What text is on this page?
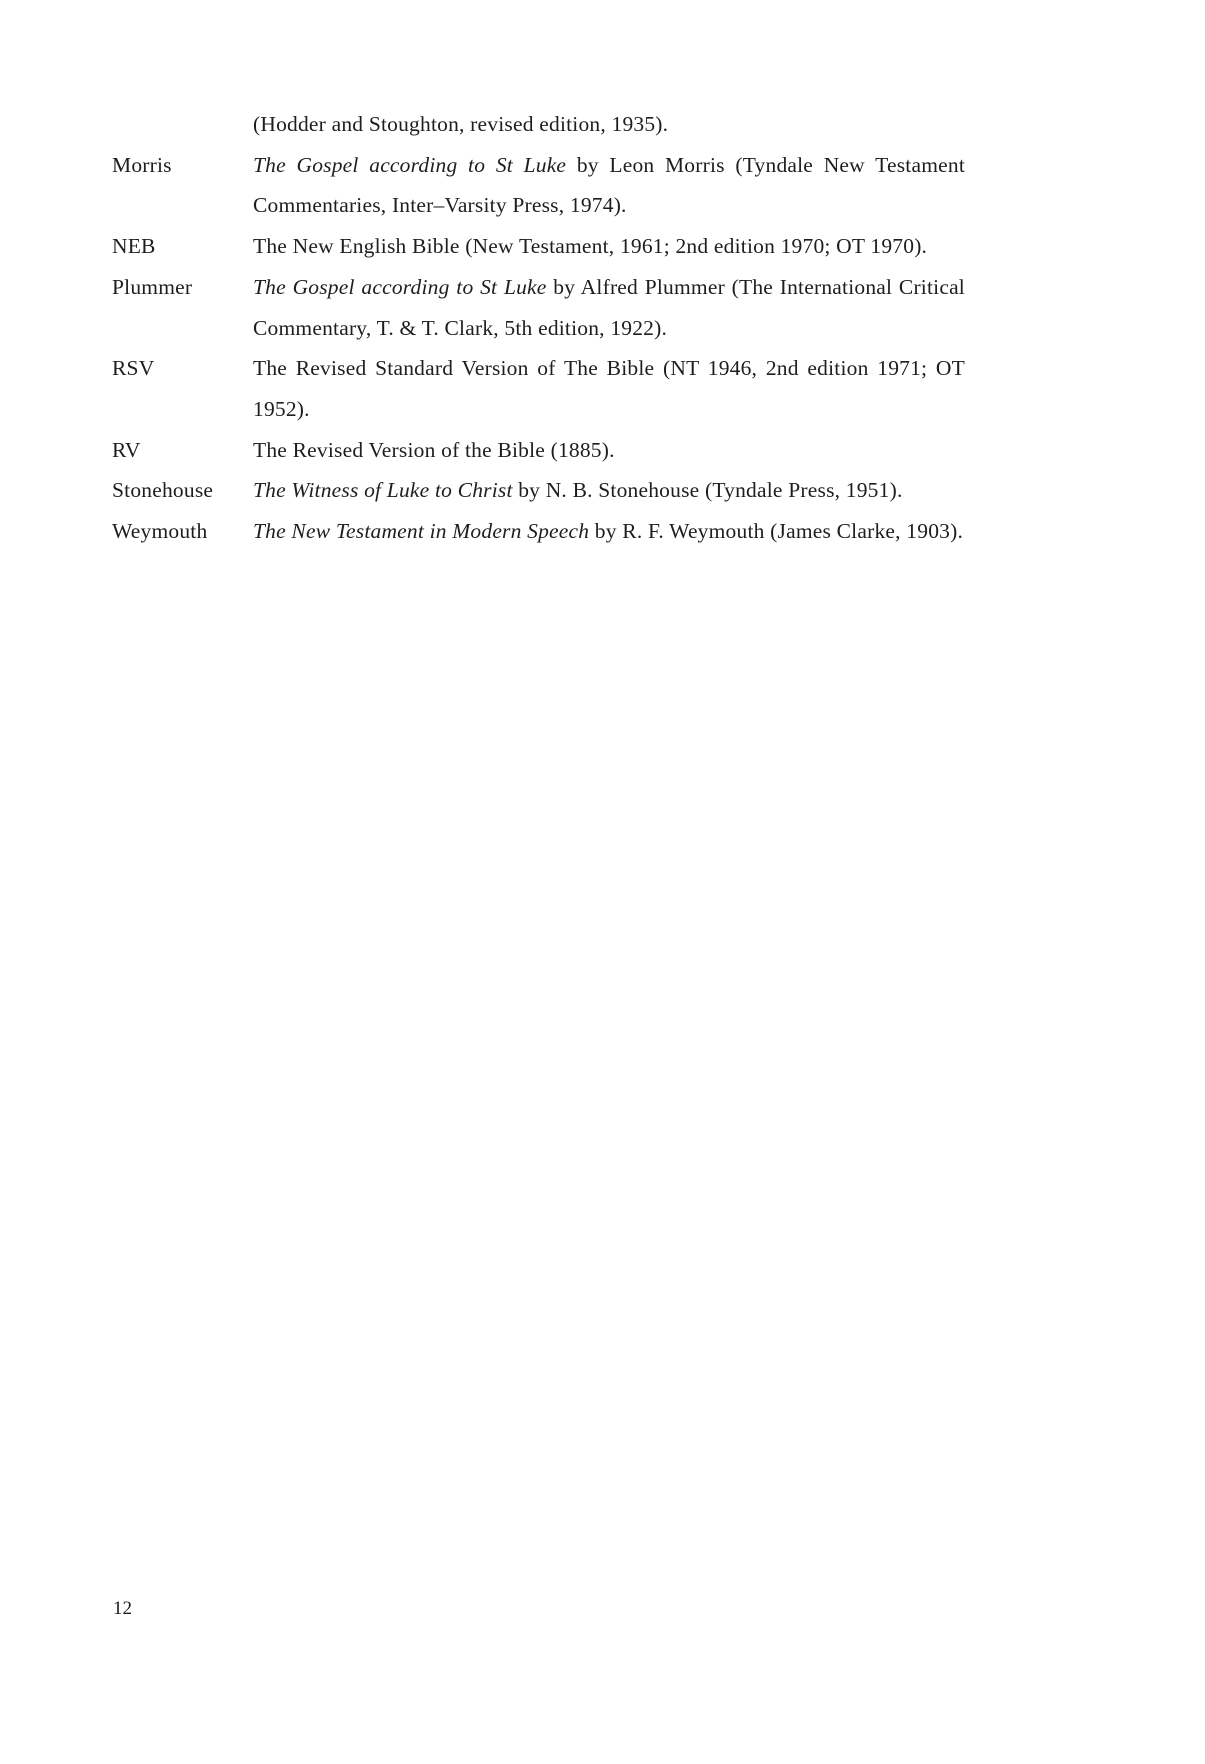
(Hodder and Stoughton, revised edition, 1935).
Morris	The Gospel according to St Luke by Leon Morris (Tyndale New Testament Commentaries, Inter–Varsity Press, 1974).
NEB	The New English Bible (New Testament, 1961; 2nd edition 1970; OT 1970).
Plummer	The Gospel according to St Luke by Alfred Plummer (The International Critical Commentary, T. & T. Clark, 5th edition, 1922).
RSV	The Revised Standard Version of The Bible (NT 1946, 2nd edition 1971; OT 1952).
RV	The Revised Version of the Bible (1885).
Stonehouse	The Witness of Luke to Christ by N. B. Stonehouse (Tyndale Press, 1951).
Weymouth	The New Testament in Modern Speech by R. F. Weymouth (James Clarke, 1903).
12
